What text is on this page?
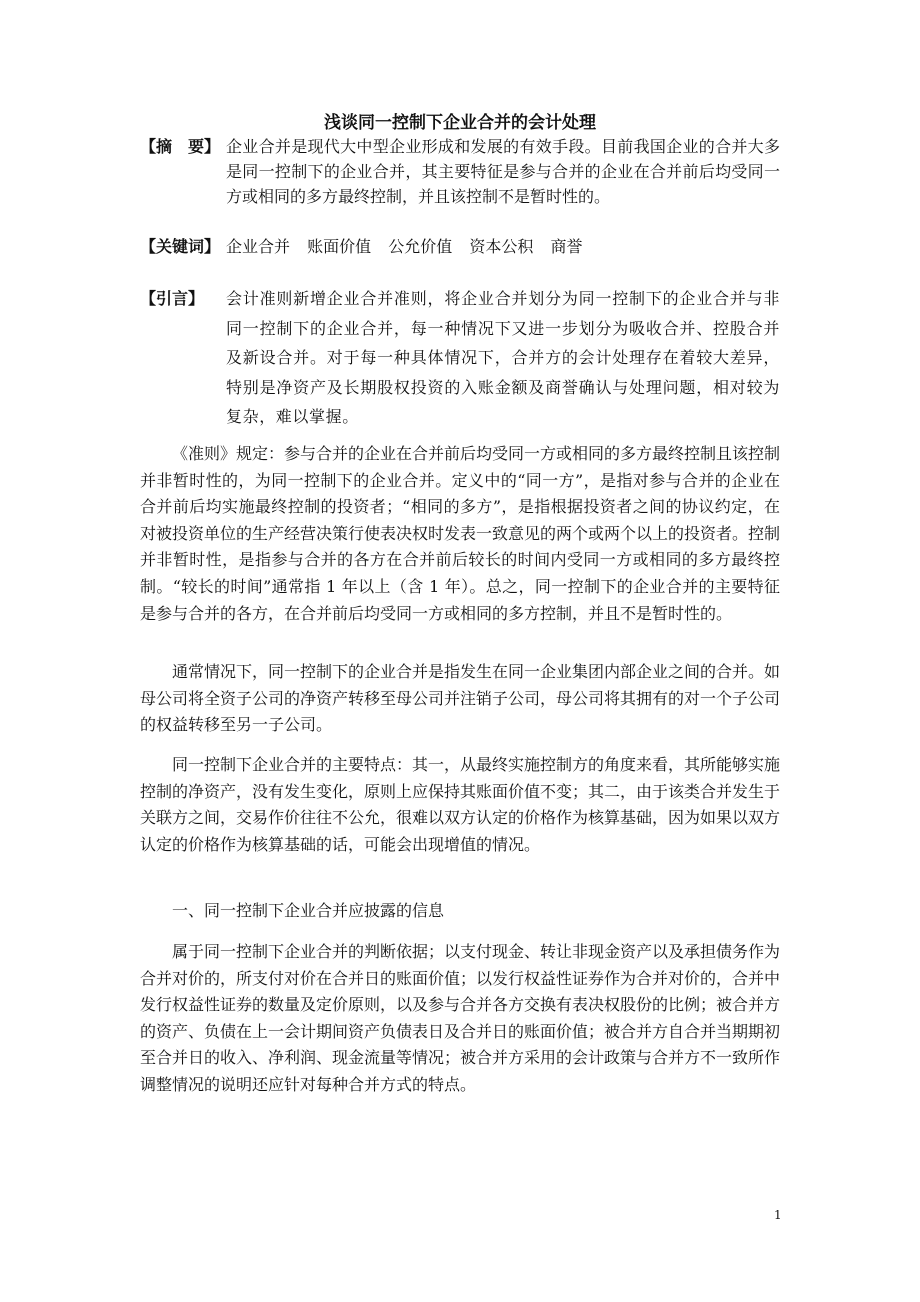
浅谈同一控制下企业合并的会计处理
【摘　要】 企业合并是现代大中型企业形成和发展的有效手段。目前我国企业的合并大多是同一控制下的企业合并，其主要特征是参与合并的企业在合并前后均受同一方或相同的多方最终控制，并且该控制不是暂时性的。
【关键词】 企业合并 账面价值 公允价值 资本公积 商誉
【引言】 会计准则新增企业合并准则，将企业合并划分为同一控制下的企业合并与非同一控制下的企业合并，每一种情况下又进一步划分为吸收合并、控股合并及新设合并。对于每一种具体情况下，合并方的会计处理存在着较大差异，特别是净资产及长期股权投资的入账金额及商誉确认与处理问题，相对较为复杂，难以掌握。

《准则》规定：参与合并的企业在合并前后均受同一方或相同的多方最终控制且该控制并非暂时性的，为同一控制下的企业合并。定义中的“同一方”，是指对参与合并的企业在合并前后均实施最终控制的投资者；“相同的多方”，是指根据投资者之间的协议约定，在对被投资单位的生产经营决策行使表决权时发表一致意见的两个或两个以上的投资者。控制并非暂时性，是指参与合并的各方在合并前后较长的时间内受同一方或相同的多方最终控制。“较长的时间”通常指 1 年以上（含 1 年）。总之，同一控制下的企业合并的主要特征是参与合并的各方，在合并前后均受同一方或相同的多方控制，并且不是暂时性的。

通常情况下，同一控制下的企业合并是指发生在同一企业集团内部企业之间的合并。如母公司将全资子公司的净资产转移至母公司并注销子公司，母公司将其拥有的对一个子公司的权益转移至另一子公司。

同一控制下企业合并的主要特点：其一，从最终实施控制方的角度来看，其所能够实施控制的净资产，没有发生变化，原则上应保持其账面价值不变；其二，由于该类合并发生于关联方之间，交易作价往往不公允，很难以双方认定的价格作为核算基础，因为如果以双方认定的价格作为核算基础的话，可能会出现增值的情况。

一、同一控制下企业合并应披露的信息

属于同一控制下企业合并的判断依据；以支付现金、转让非现金资产以及承担债务作为合并对价的，所支付对价在合并日的账面价值；以发行权益性证券作为合并对价的，合并中发行权益性证券的数量及定价原则，以及参与合并各方交换有表决权股份的比例；被合并方的资产、负债在上一会计期间资产负债表日及合并日的账面价值；被合并方自合并当期期初至合并日的收入、净利润、现金流量等情况；被合并方采用的会计政策与合并方不一致所作调整情况的说明还应针对每种合并方式的特点。

1
